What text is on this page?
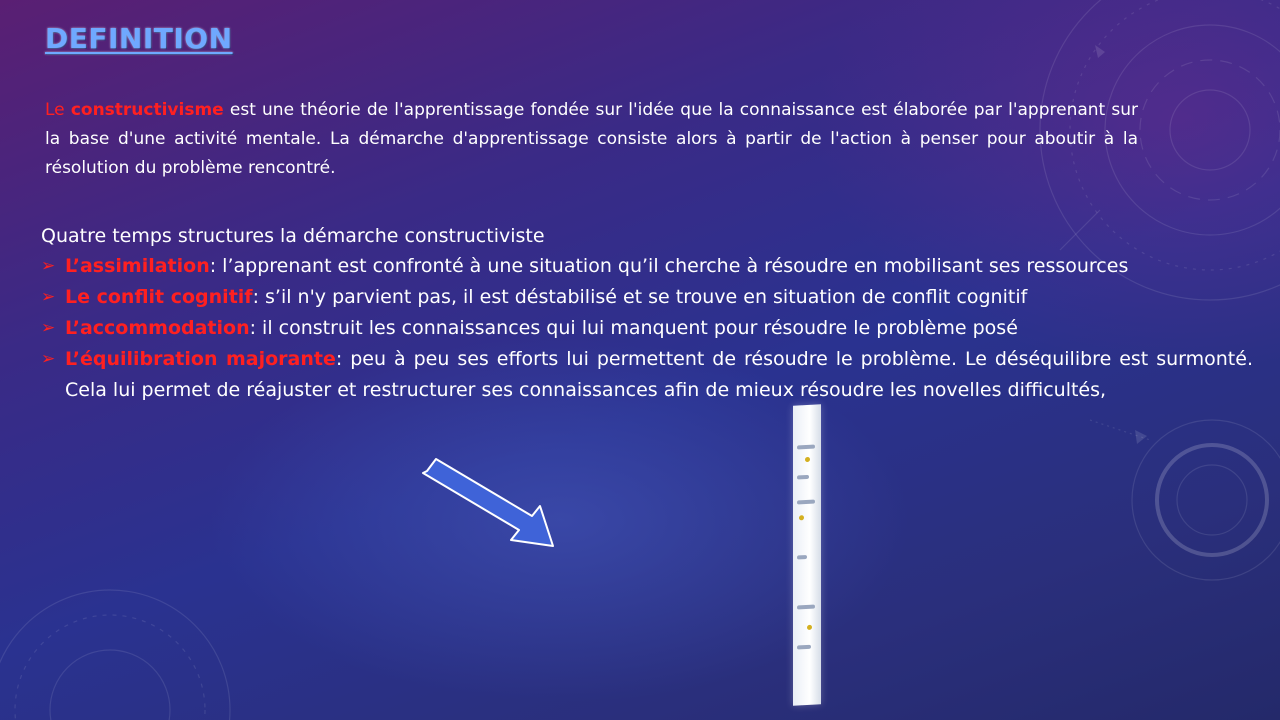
DEFINITION

Le constructivisme est une théorie de l'apprentissage fondée sur l'idée que la connaissance est élaborée par l'apprenant sur la base d'une activité mentale. La démarche d'apprentissage consiste alors à partir de l'action à penser pour aboutir à la résolution du problème rencontré.

Quatre temps structures la démarche constructiviste

➢ L’assimilation: l’apprenant est confronté à une situation qu’il cherche à résoudre en mobilisant ses ressources
➢ Le conflit cognitif: s’il n'y parvient pas, il est déstabilisé et se trouve en situation de conflit cognitif
➢ L’accommodation: il construit les connaissances qui lui manquent pour résoudre le problème posé
➢ L’équilibration majorante: peu à peu ses efforts lui permettent de résoudre le problème. Le déséquilibre est surmonté. Cela lui permet de réajuster et restructurer ses connaissances afin de mieux résoudre les novelles difficultés,
